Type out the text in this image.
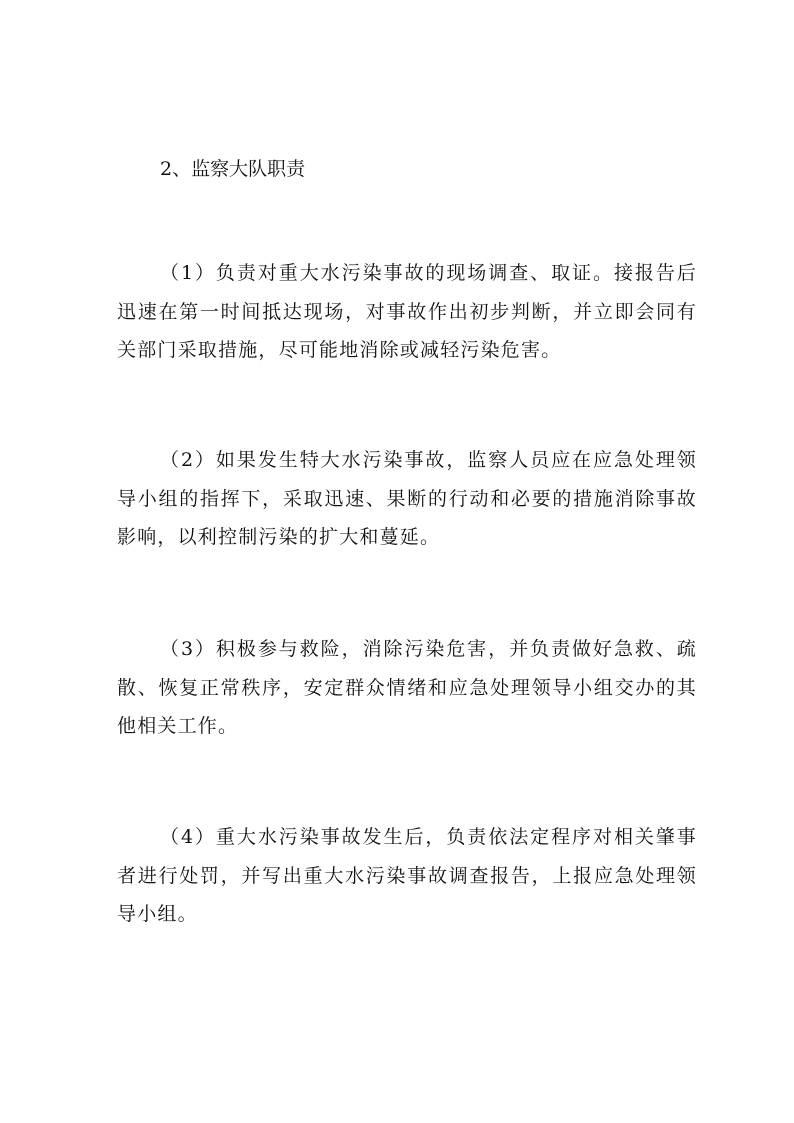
2、监察大队职责

（1）负责对重大水污染事故的现场调查、取证。接报告后迅速在第一时间抵达现场，对事故作出初步判断，并立即会同有关部门采取措施，尽可能地消除或减轻污染危害。

（2）如果发生特大水污染事故，监察人员应在应急处理领导小组的指挥下，采取迅速、果断的行动和必要的措施消除事故影响，以利控制污染的扩大和蔓延。

（3）积极参与救险，消除污染危害，并负责做好急救、疏散、恢复正常秩序，安定群众情绪和应急处理领导小组交办的其他相关工作。

（4）重大水污染事故发生后，负责依法定程序对相关肇事者进行处罚，并写出重大水污染事故调查报告，上报应急处理领导小组。
